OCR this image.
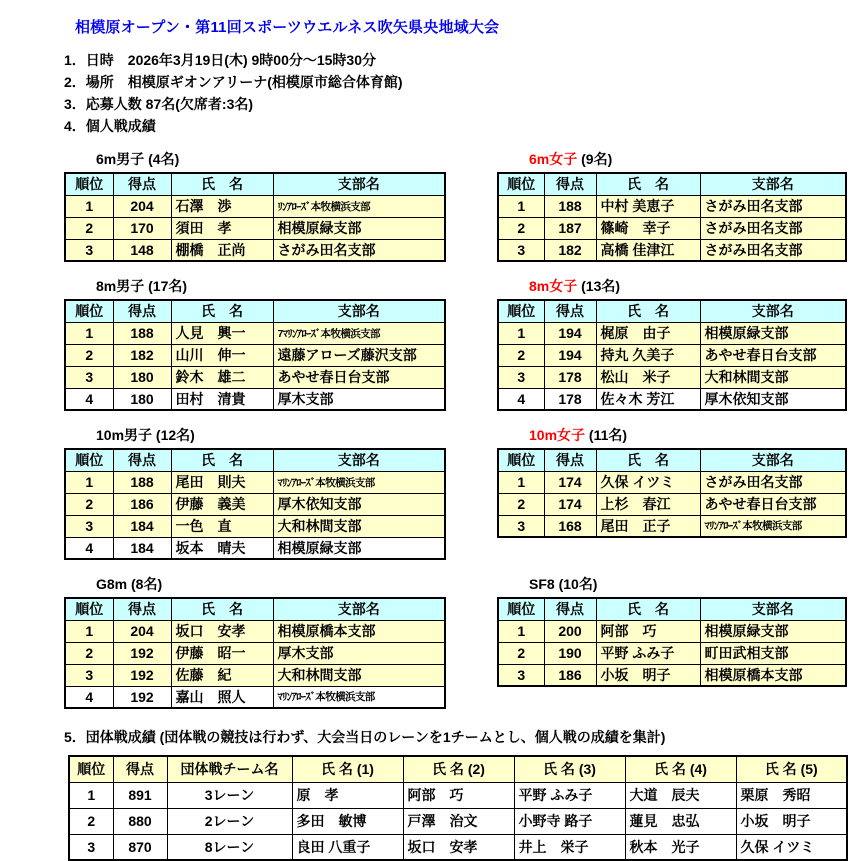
相模原オープン・第11回スポーツウエルネス吹矢県央地域大会
1．日時　2026年3月19日(木) 9時00分～15時30分
2．場所　相模原ギオンアリーナ(相模原市総合体育館)
3．応募人数 87名(欠席者:3名)
4．個人戦成績
6m男子 (4名)
順位	得点	氏　名	支部名
1	204	石澤　渉	ﾘﾝｱﾛｰｽﾞ本牧横浜支部
2	170	須田　孝	相模原緑支部
3	148	棚橋　正尚	さがみ田名支部
6m女子 (9名)
順位	得点	氏　名	支部名
1	188	中村 美恵子	さがみ田名支部
2	187	篠崎　幸子	さがみ田名支部
3	182	高橋 佳津江	さがみ田名支部
8m男子 (17名)
順位	得点	氏　名	支部名
1	188	人見　興一	7ﾏﾘﾝｱﾛｰｽﾞ本牧横浜支部
2	182	山川　伸一	遠藤アローズ藤沢支部
3	180	鈴木　雄二	あやせ春日台支部
4	180	田村　清貴	厚木支部
8m女子 (13名)
順位	得点	氏　名	支部名
1	194	梶原　由子	相模原緑支部
2	194	持丸 久美子	あやせ春日台支部
3	178	松山　米子	大和林間支部
4	178	佐々木 芳江	厚木依知支部
10m男子 (12名)
順位	得点	氏　名	支部名
1	188	尾田　則夫	ﾏﾘﾝｱﾛｰｽﾞ本牧横浜支部
2	186	伊藤　義美	厚木依知支部
3	184	一色　直	大和林間支部
4	184	坂本　晴夫	相模原緑支部
10m女子 (11名)
順位	得点	氏　名	支部名
1	174	久保 イツミ	さがみ田名支部
2	174	上杉　春江	あやせ春日台支部
3	168	尾田　正子	ﾏﾘﾝｱﾛｰｽﾞ本牧横浜支部
G8m (8名)
順位	得点	氏　名	支部名
1	204	坂口　安孝	相模原橋本支部
2	192	伊藤　昭一	厚木支部
3	192	佐藤　紀	大和林間支部
4	192	嘉山　照人	ﾏﾘﾝｱﾛｰｽﾞ本牧横浜支部
SF8 (10名)
順位	得点	氏　名	支部名
1	200	阿部　巧	相模原緑支部
2	190	平野 ふみ子	町田武相支部
3	186	小坂　明子	相模原橋本支部
5．団体戦成績 (団体戦の競技は行わず、大会当日のレーンを1チームとし、個人戦の成績を集計)
順位	得点	団体戦チーム名	氏 名 (1)	氏 名 (2)	氏 名 (3)	氏 名 (4)	氏 名 (5)
1	891	3レーン	原　孝	阿部　巧	平野 ふみ子	大道　辰夫	栗原　秀昭
2	880	2レーン	多田　敏博	戸澤　治文	小野寺 路子	蓮見　忠弘	小坂　明子
3	870	8レーン	良田 八重子	坂口　安孝	井上　栄子	秋本　光子	久保 イツミ
